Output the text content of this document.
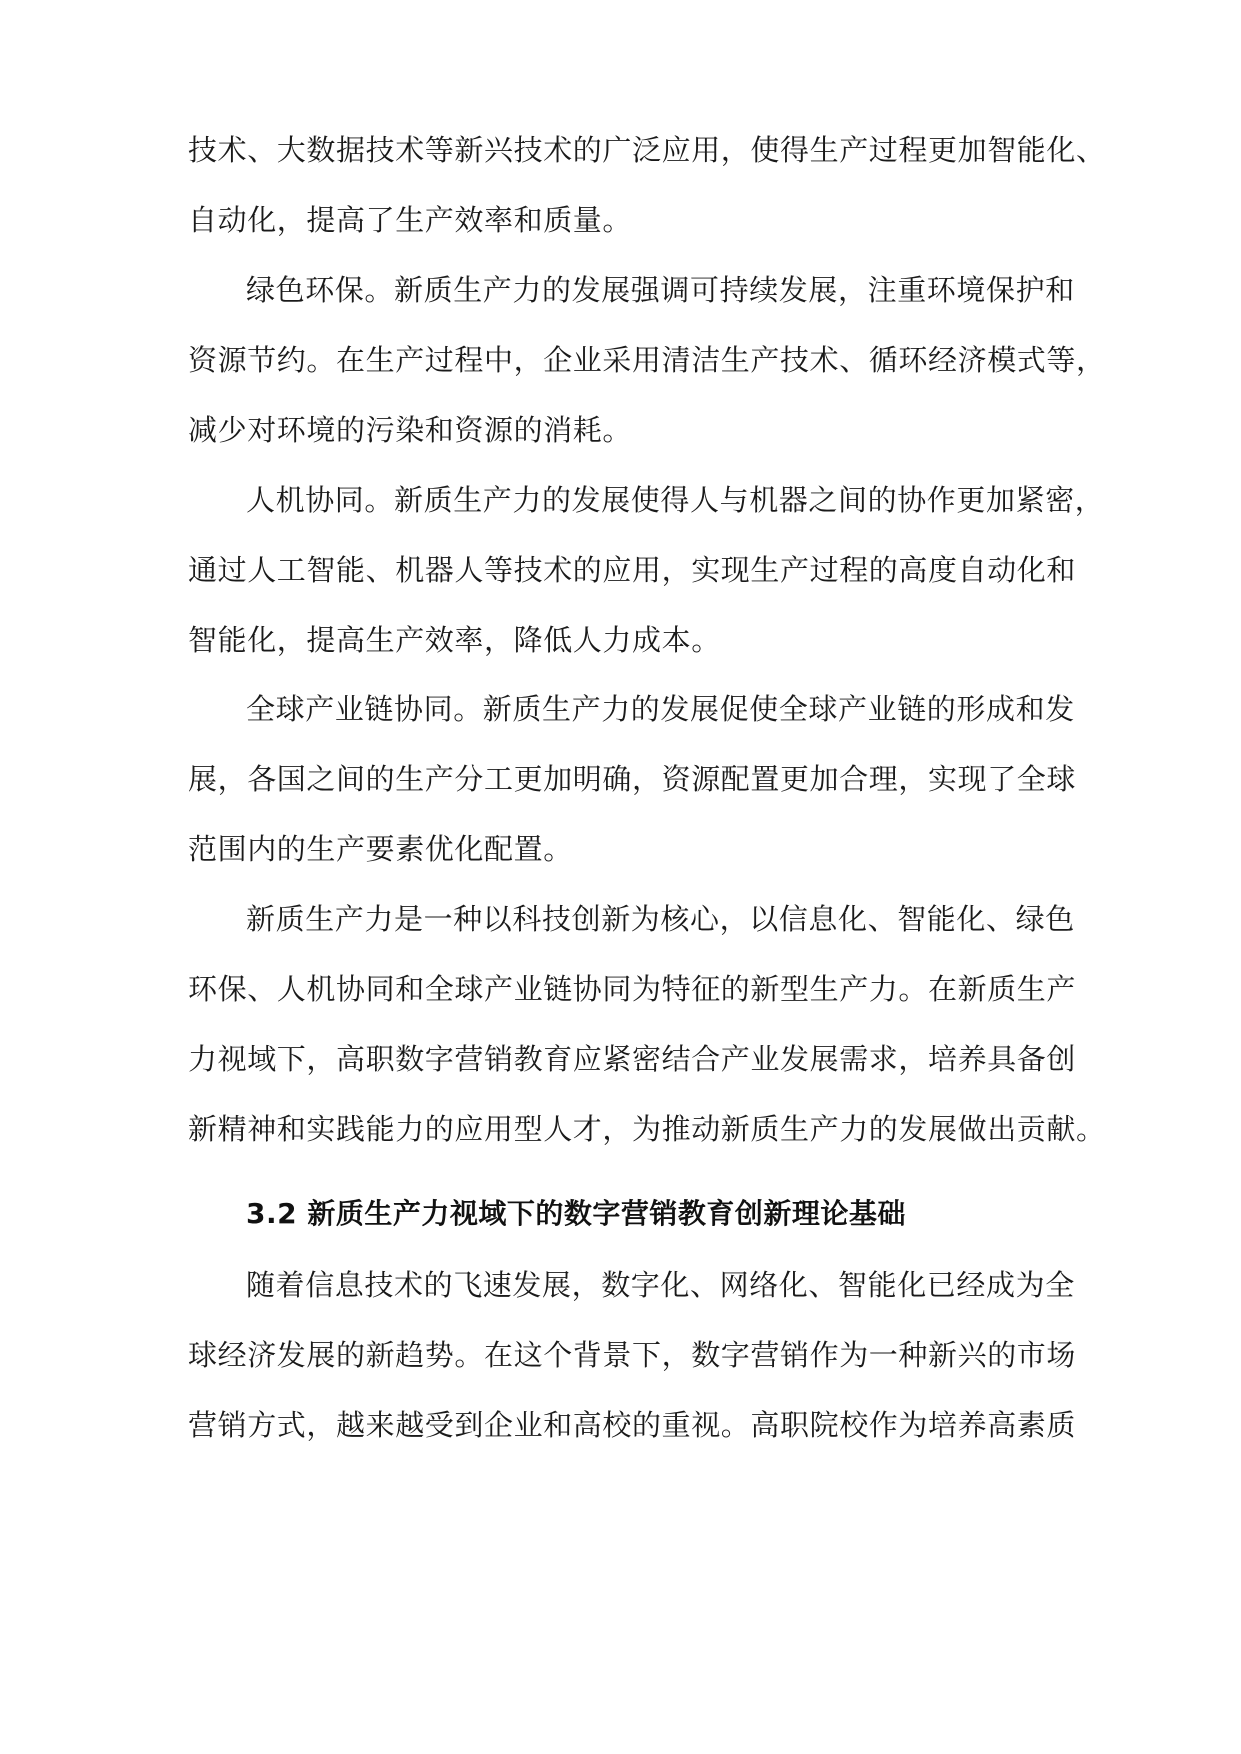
技术、大数据技术等新兴技术的广泛应用，使得生产过程更加智能化、

自动化，提高了生产效率和质量。

绿色环保。新质生产力的发展强调可持续发展，注重环境保护和

资源节约。在生产过程中，企业采用清洁生产技术、循环经济模式等，

减少对环境的污染和资源的消耗。

人机协同。新质生产力的发展使得人与机器之间的协作更加紧密，

通过人工智能、机器人等技术的应用，实现生产过程的高度自动化和

智能化，提高生产效率，降低人力成本。

全球产业链协同。新质生产力的发展促使全球产业链的形成和发

展，各国之间的生产分工更加明确，资源配置更加合理，实现了全球

范围内的生产要素优化配置。

新质生产力是一种以科技创新为核心，以信息化、智能化、绿色

环保、人机协同和全球产业链协同为特征的新型生产力。在新质生产

力视域下，高职数字营销教育应紧密结合产业发展需求，培养具备创

新精神和实践能力的应用型人才，为推动新质生产力的发展做出贡献。

3.2 新质生产力视域下的数字营销教育创新理论基础

随着信息技术的飞速发展，数字化、网络化、智能化已经成为全

球经济发展的新趋势。在这个背景下，数字营销作为一种新兴的市场

营销方式，越来越受到企业和高校的重视。高职院校作为培养高素质
